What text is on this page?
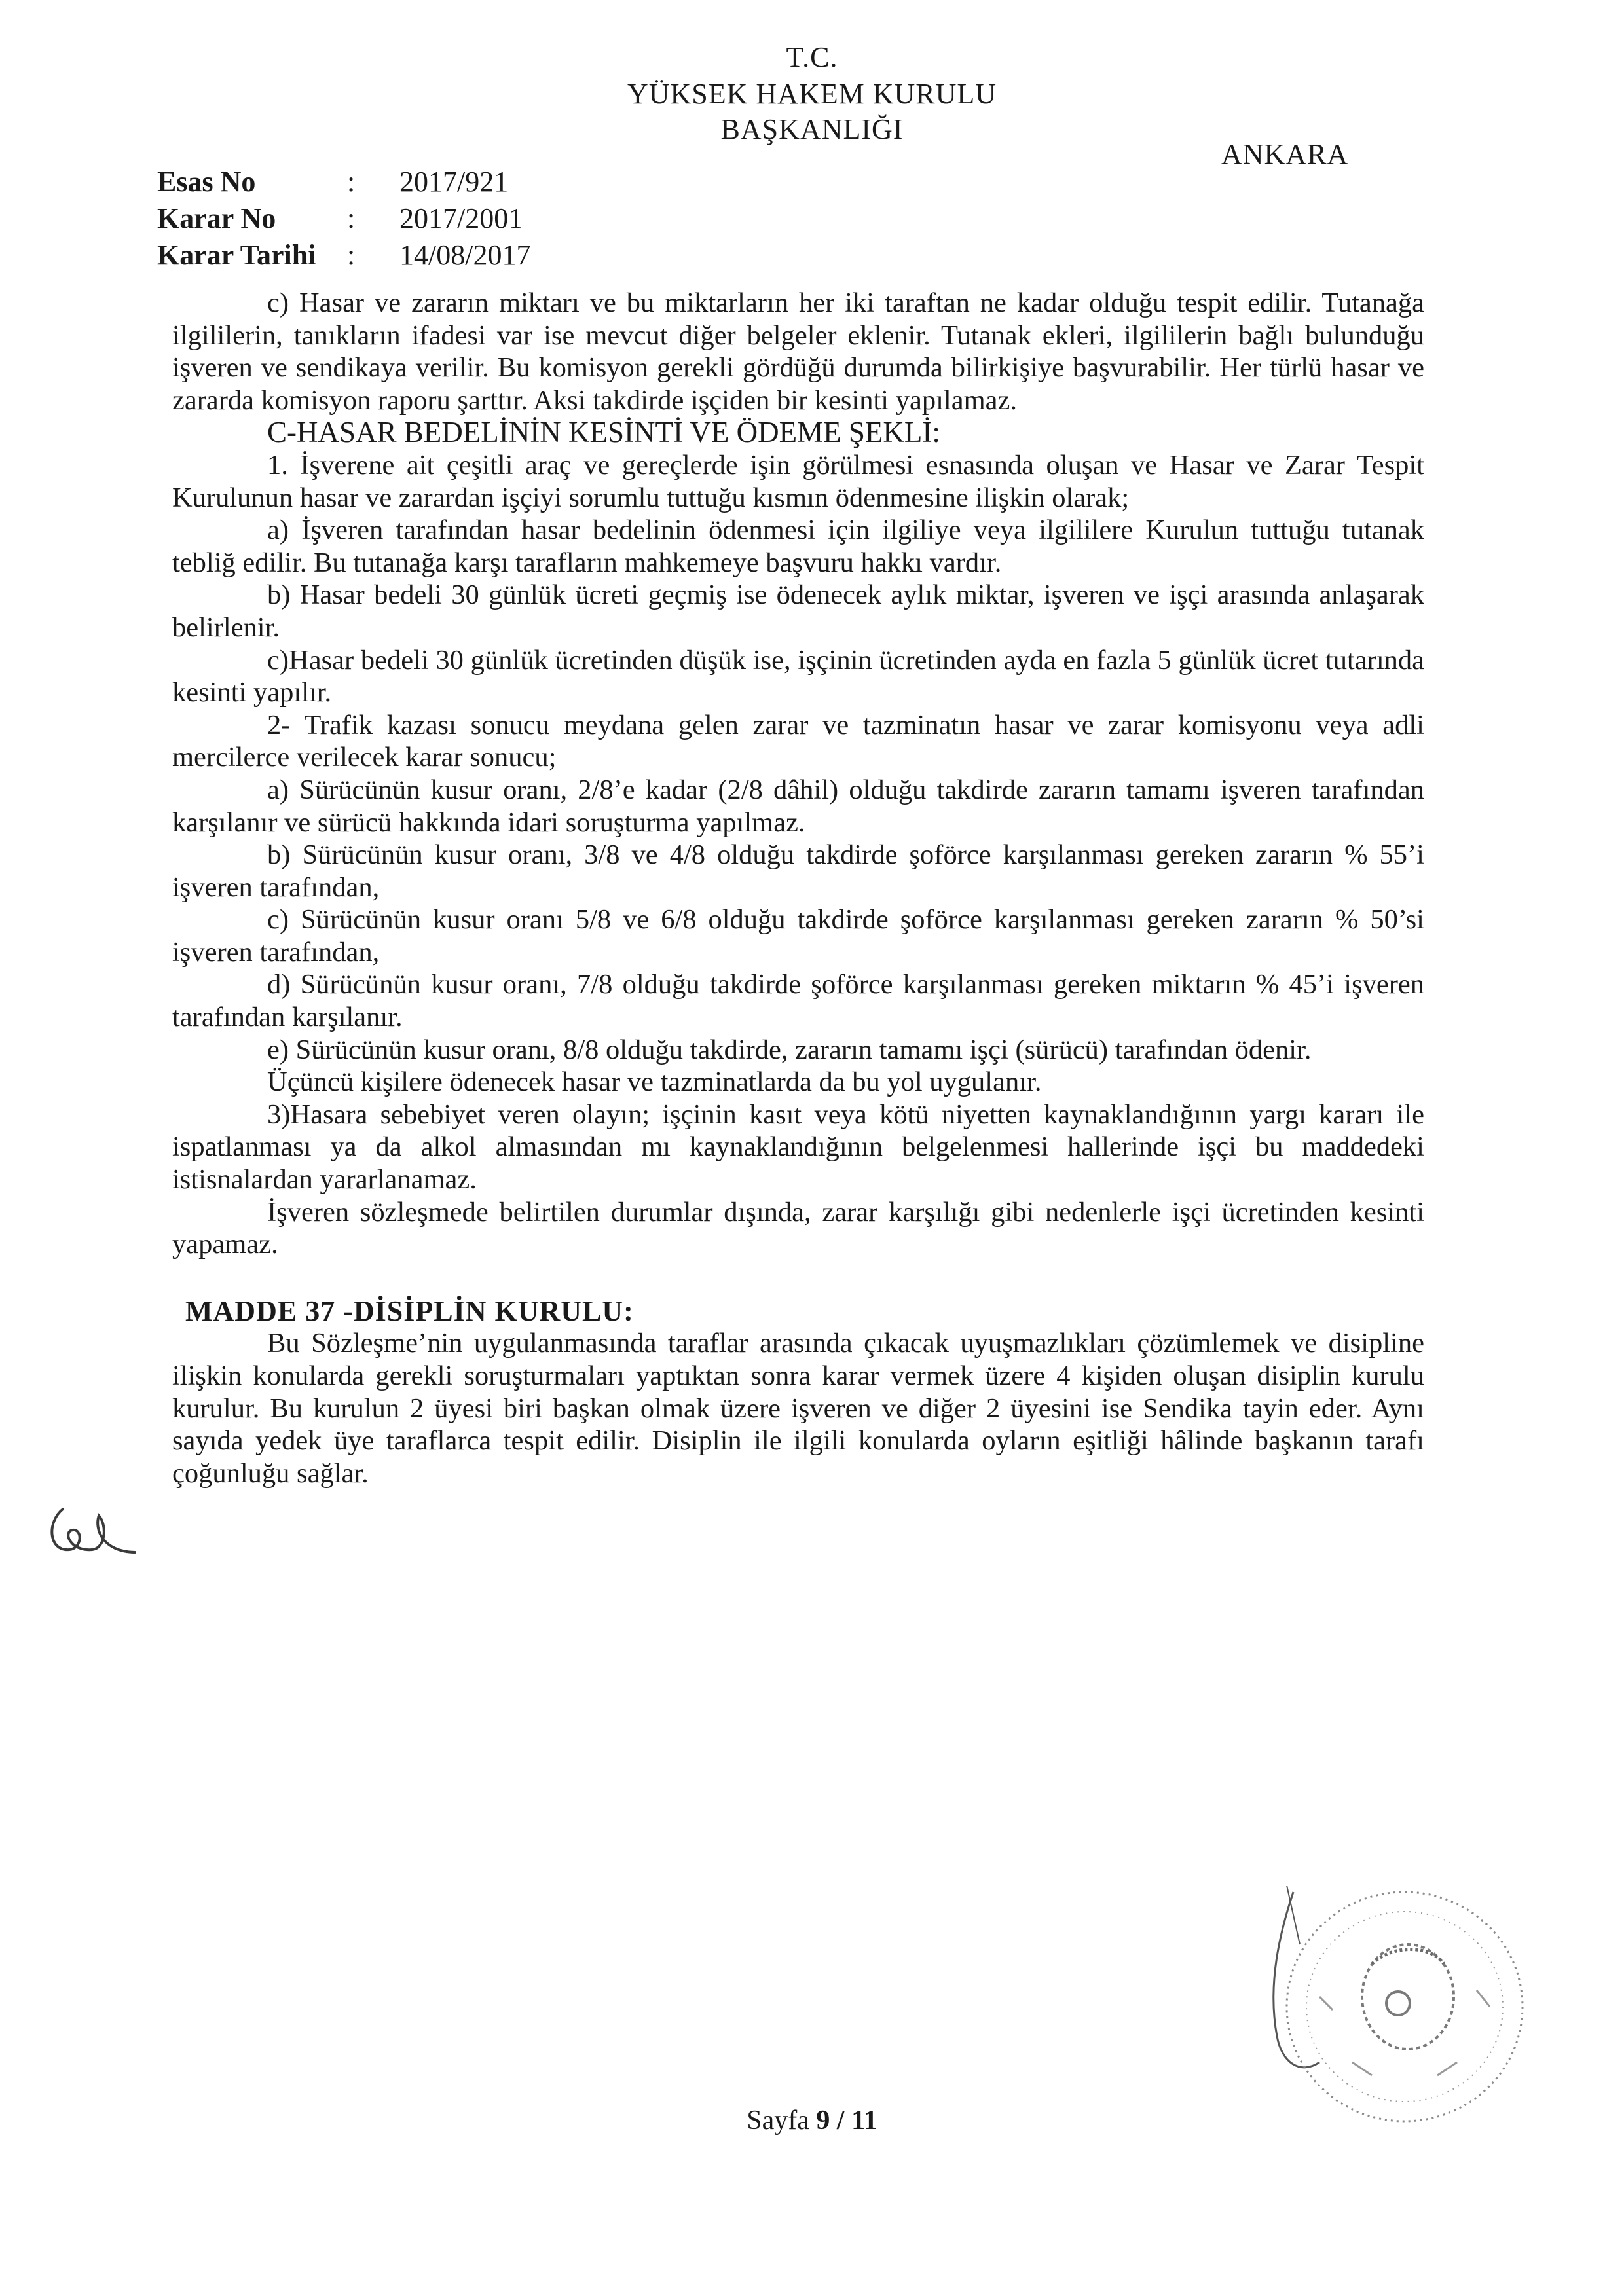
T.C.
YÜKSEK HAKEM KURULU
BAŞKANLIĞI
ANKARA
Esas No	: 2017/921
Karar No : 2017/2001
Karar Tarihi : 14/08/2017

c) Hasar ve zararın miktarı ve bu miktarların her iki taraftan ne kadar olduğu tespit edilir. Tutanağa ilgililerin, tanıkların ifadesi var ise mevcut diğer belgeler eklenir. Tutanak ekleri, ilgililerin bağlı bulunduğu işveren ve sendikaya verilir. Bu komisyon gerekli gördüğü durumda bilirkişiye başvurabilir. Her türlü hasar ve zararda komisyon raporu şarttır. Aksi takdirde işçiden bir kesinti yapılamaz.

C-HASAR BEDELİNİN KESİNTİ VE ÖDEME ŞEKLİ:

1. İşverene ait çeşitli araç ve gereçlerde işin görülmesi esnasında oluşan ve Hasar ve Zarar Tespit Kurulunun hasar ve zarardan işçiyi sorumlu tuttuğu kısmın ödenmesine ilişkin olarak;

a) İşveren tarafından hasar bedelinin ödenmesi için ilgiliye veya ilgililere Kurulun tuttuğu tutanak tebliğ edilir. Bu tutanağa karşı tarafların mahkemeye başvuru hakkı vardır.

b) Hasar bedeli 30 günlük ücreti geçmiş ise ödenecek aylık miktar, işveren ve işçi arasında anlaşarak belirlenir.

c)Hasar bedeli 30 günlük ücretinden düşük ise, işçinin ücretinden ayda en fazla 5 günlük ücret tutarında kesinti yapılır.

2- Trafik kazası sonucu meydana gelen zarar ve tazminatın hasar ve zarar komisyonu veya adli mercilerce verilecek karar sonucu;

a) Sürücünün kusur oranı, 2/8’e kadar (2/8 dâhil) olduğu takdirde zararın tamamı işveren tarafından karşılanır ve sürücü hakkında idari soruşturma yapılmaz.

b) Sürücünün kusur oranı, 3/8 ve 4/8 olduğu takdirde şoförce karşılanması gereken zararın % 55’i işveren tarafından,

c) Sürücünün kusur oranı 5/8 ve 6/8 olduğu takdirde şoförce karşılanması gereken zararın % 50’si işveren tarafından,

d) Sürücünün kusur oranı, 7/8 olduğu takdirde şoförce karşılanması gereken miktarın % 45’i işveren tarafından karşılanır.

e) Sürücünün kusur oranı, 8/8 olduğu takdirde, zararın tamamı işçi (sürücü) tarafından ödenir.

Üçüncü kişilere ödenecek hasar ve tazminatlarda da bu yol uygulanır.

3)Hasara sebebiyet veren olayın; işçinin kasıt veya kötü niyetten kaynaklandığının yargı kararı ile ispatlanması ya da alkol almasından mı kaynaklandığının belgelenmesi hallerinde işçi bu maddedeki istisnalardan yararlanamaz.

İşveren sözleşmede belirtilen durumlar dışında, zarar karşılığı gibi nedenlerle işçi ücretinden kesinti yapamaz.

MADDE 37 -DİSİPLİN KURULU:

Bu Sözleşme’nin uygulanmasında taraflar arasında çıkacak uyuşmazlıkları çözümlemek ve disipline ilişkin konularda gerekli soruşturmaları yaptıktan sonra karar vermek üzere 4 kişiden oluşan disiplin kurulu kurulur. Bu kurulun 2 üyesi biri başkan olmak üzere işveren ve diğer 2 üyesini ise Sendika tayin eder. Aynı sayıda yedek üye taraflarca tespit edilir. Disiplin ile ilgili konularda oyların eşitliği hâlinde başkanın tarafı çoğunluğu sağlar.

Sayfa 9 / 11
